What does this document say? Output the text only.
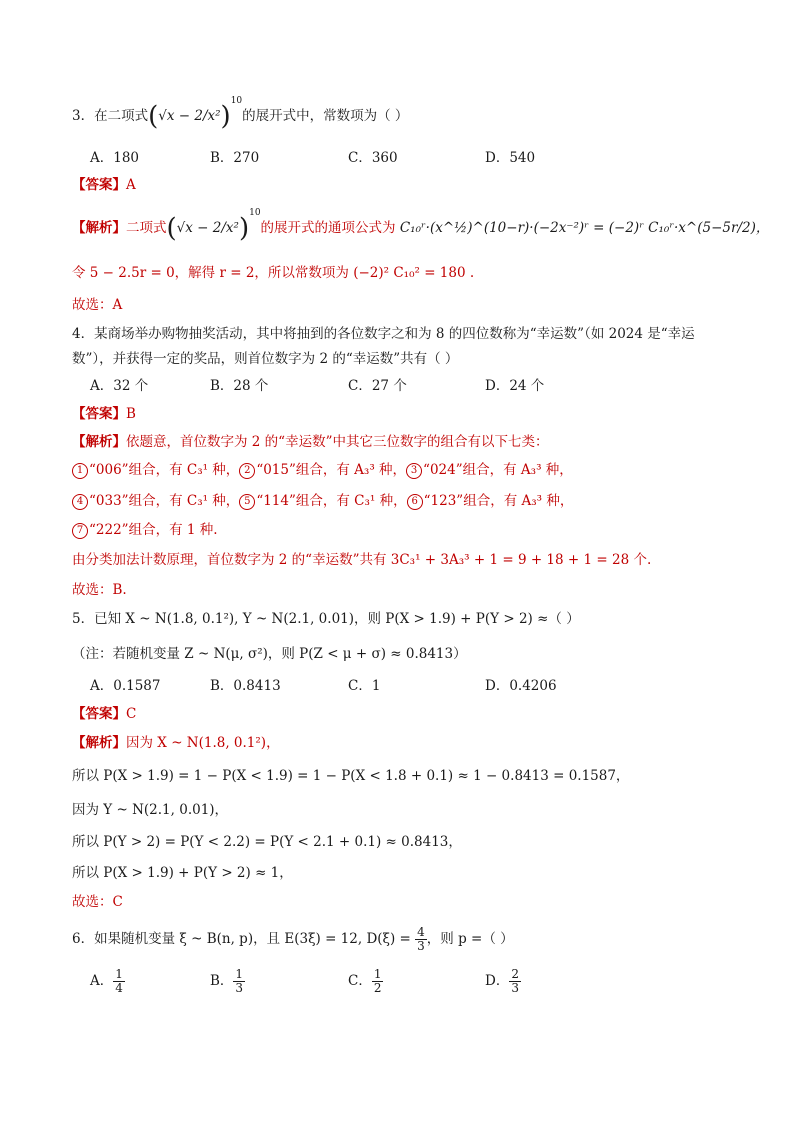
3．在二项式$(√x - 2/x^2)^{10}$的展开式中，常数项为（ ）
A．180	B．270	C．360	D．540
【答案】A
【解析】二项式$(√x - 2/x^2)^{10}$的展开式的通项公式为 C₁₀ʳ·(x^½)^(10−r)·(−2x⁻²)ʳ = (−2)ʳ C₁₀ʳ·x^(5−5r/2)，
令 5 − 2.5r = 0，解得 r = 2，所以常数项为 (−2)² C₁₀² = 180 .
故选：A
4．某商场举办购物抽奖活动，其中将抽到的各位数字之和为 8 的四位数称为“幸运数”（如 2024 是“幸运
数”），并获得一定的奖品，则首位数字为 2 的“幸运数”共有（ ）
A．32 个	B．28 个	C．27 个	D．24 个
【答案】B
【解析】依题意，首位数字为 2 的“幸运数”中其它三位数字的组合有以下七类：
1 “006”组合，有 C₃¹ 种， 2 “015”组合，有 A₃³ 种， 3 “024”组合，有 A₃³ 种，
4 “033”组合，有 C₃¹ 种， 5 “114”组合，有 C₃¹ 种， 6 “123”组合，有 A₃³ 种，
7 “222”组合，有 1 种.
由分类加法计数原理，首位数字为 2 的“幸运数”共有 3C₃¹ + 3A₃³ + 1 = 9 + 18 + 1 = 28 个.
故选：B.
5．已知 X ~ N(1.8, 0.1²), Y ~ N(2.1, 0.01)，则 P(X > 1.9) + P(Y > 2) ≈（ ）
（注：若随机变量 Z ~ N(μ, σ²)，则 P(Z < μ + σ) ≈ 0.8413）
A．0.1587	B．0.8413	C．1	D．0.4206
【答案】C
【解析】因为 X ~ N(1.8, 0.1²)，
所以 P(X > 1.9) = 1 − P(X < 1.9) = 1 − P(X < 1.8 + 0.1) ≈ 1 − 0.8413 = 0.1587，
因为 Y ~ N(2.1, 0.01)，
所以 P(Y > 2) = P(Y < 2.2) = P(Y < 2.1 + 0.1) ≈ 0.8413，
所以 P(X > 1.9) + P(Y > 2) ≈ 1，
故选：C
6．如果随机变量 ξ ~ B(n, p)，且 E(3ξ) = 12, $D(\xi) = \frac{4}{3}$ ，则 p =（ ）
A． $\frac{1}{4}$	B． $\frac{1}{3}$	C． $\frac{1}{2}$	D． $\frac{2}{3}$
